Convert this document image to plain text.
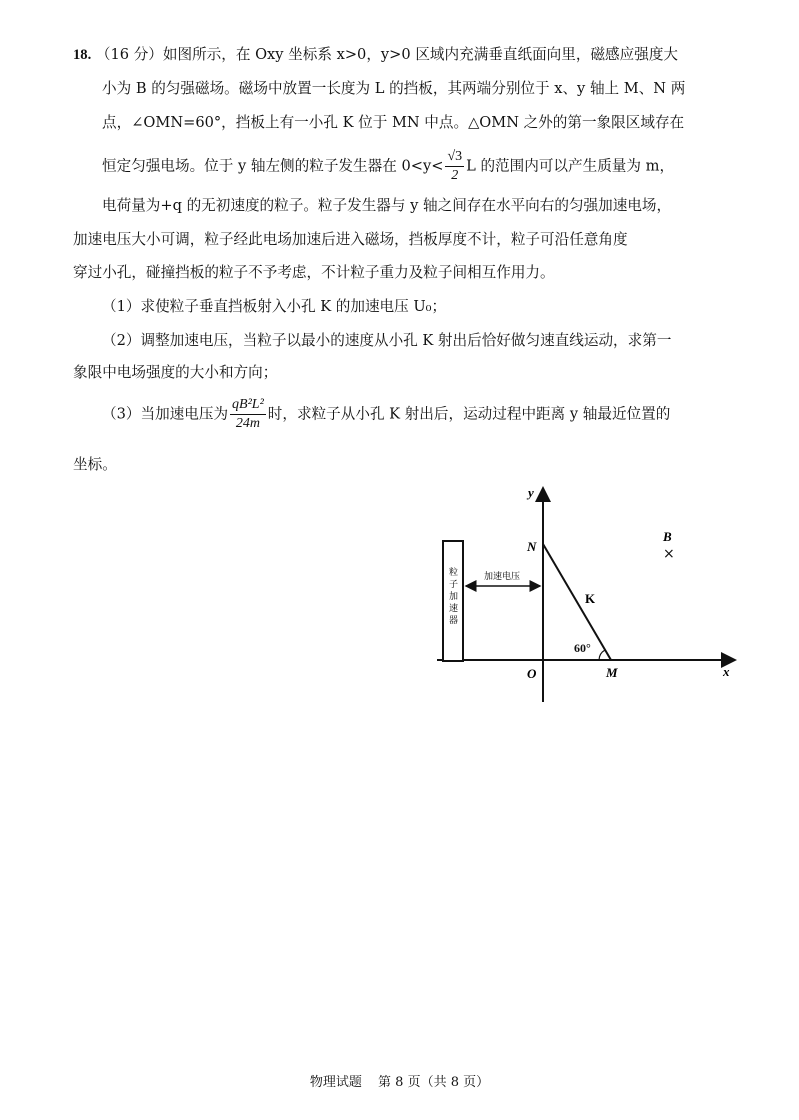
18. （16 分）如图所示，在 Oxy 坐标系 x>0，y>0 区域内充满垂直纸面向里，磁感应强度大
小为 B 的匀强磁场。磁场中放置一长度为 L 的挡板，其两端分别位于 x、y 轴上 M、N 两
点，∠OMN=60°，挡板上有一小孔 K 位于 MN 中点。△OMN 之外的第一象限区域存在
恒定匀强电场。位于 y 轴左侧的粒子发生器在 $0<y< \frac{√3}{2}$ L 的范围内可以产生质量为 m，
电荷量为+q 的无初速度的粒子。粒子发生器与 y 轴之间存在水平向右的匀强加速电场，
加速电压大小可调，粒子经此电场加速后进入磁场，挡板厚度不计，粒子可沿任意角度
穿过小孔，碰撞挡板的粒子不予考虑，不计粒子重力及粒子间相互作用力。
（1）求使粒子垂直挡板射入小孔 K 的加速电压 U₀；
（2）调整加速电压，当粒子以最小的速度从小孔 K 射出后恰好做匀速直线运动，求第一
象限中电场强度的大小和方向；
（3）当加速电压为 $\frac{\text{qB²L²}}{24m}$ 时，求粒子从小孔 K 射出后，运动过程中距离 y 轴最近位置的
坐标。
y
x
O	M
N
K
B
×
60°
加速电压
粒
子
加
速
器
物理试题 第 8 页（共 8 页）
